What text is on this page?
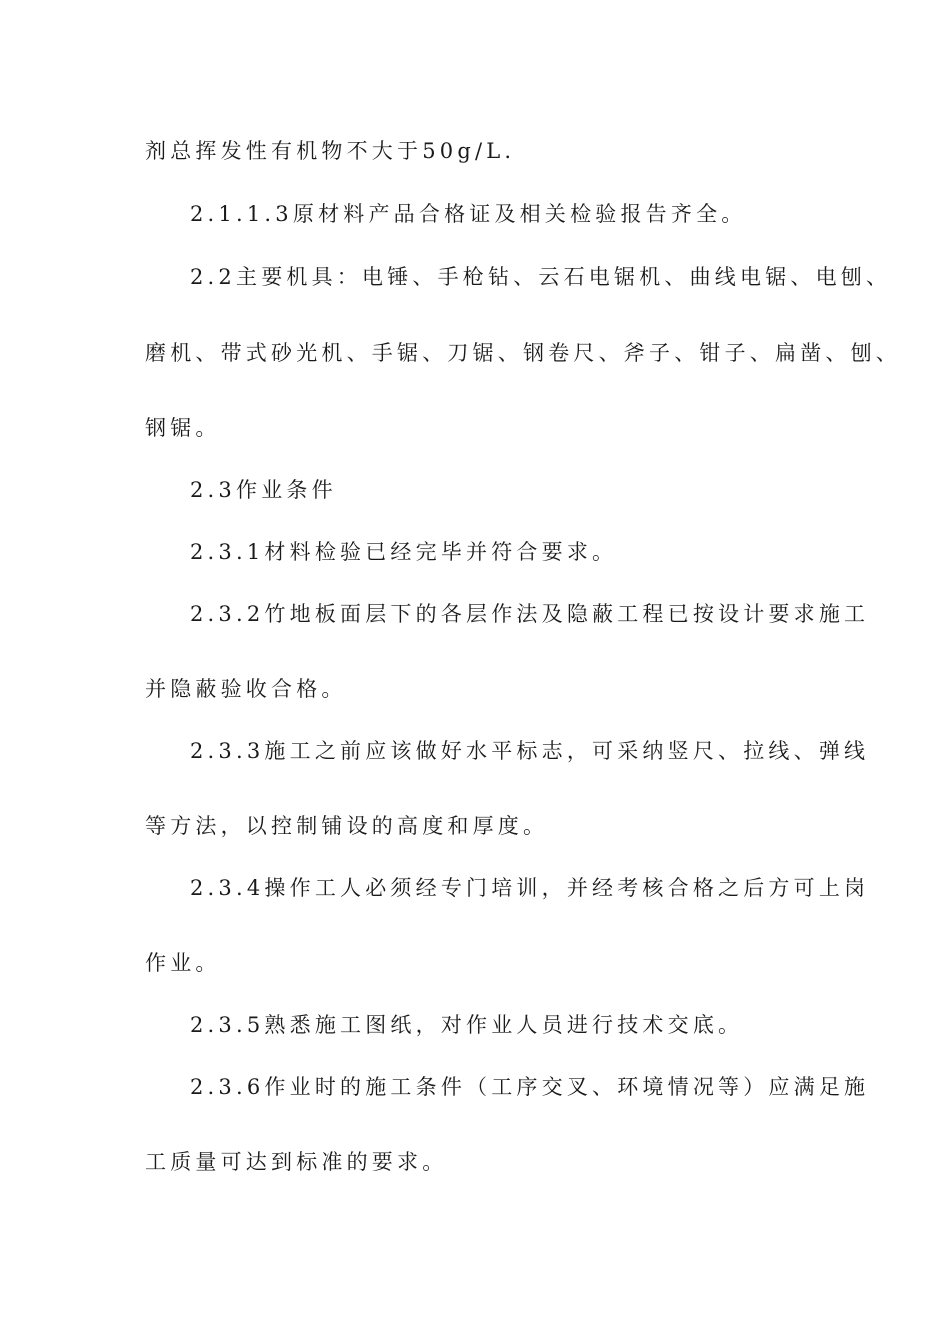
剂总挥发性有机物不大于50g/L.
2.1.1.3原材料产品合格证及相关检验报告齐全。
2.2主要机具：电锤、手枪钻、云石电锯机、曲线电锯、电刨、
磨机、带式砂光机、手锯、刀锯、钢卷尺、斧子、钳子、扁凿、刨、
钢锯。
2.3作业条件
2.3.1材料检验已经完毕并符合要求。
2.3.2竹地板面层下的各层作法及隐蔽工程已按设计要求施工
并隐蔽验收合格。
2.3.3施工之前应该做好水平标志，可采纳竖尺、拉线、弹线
等方法，以控制铺设的高度和厚度。
2.3.4操作工人必须经专门培训，并经考核合格之后方可上岗
作业。
2.3.5熟悉施工图纸，对作业人员进行技术交底。
2.3.6作业时的施工条件（工序交叉、环境情况等）应满足施
工质量可达到标准的要求。
